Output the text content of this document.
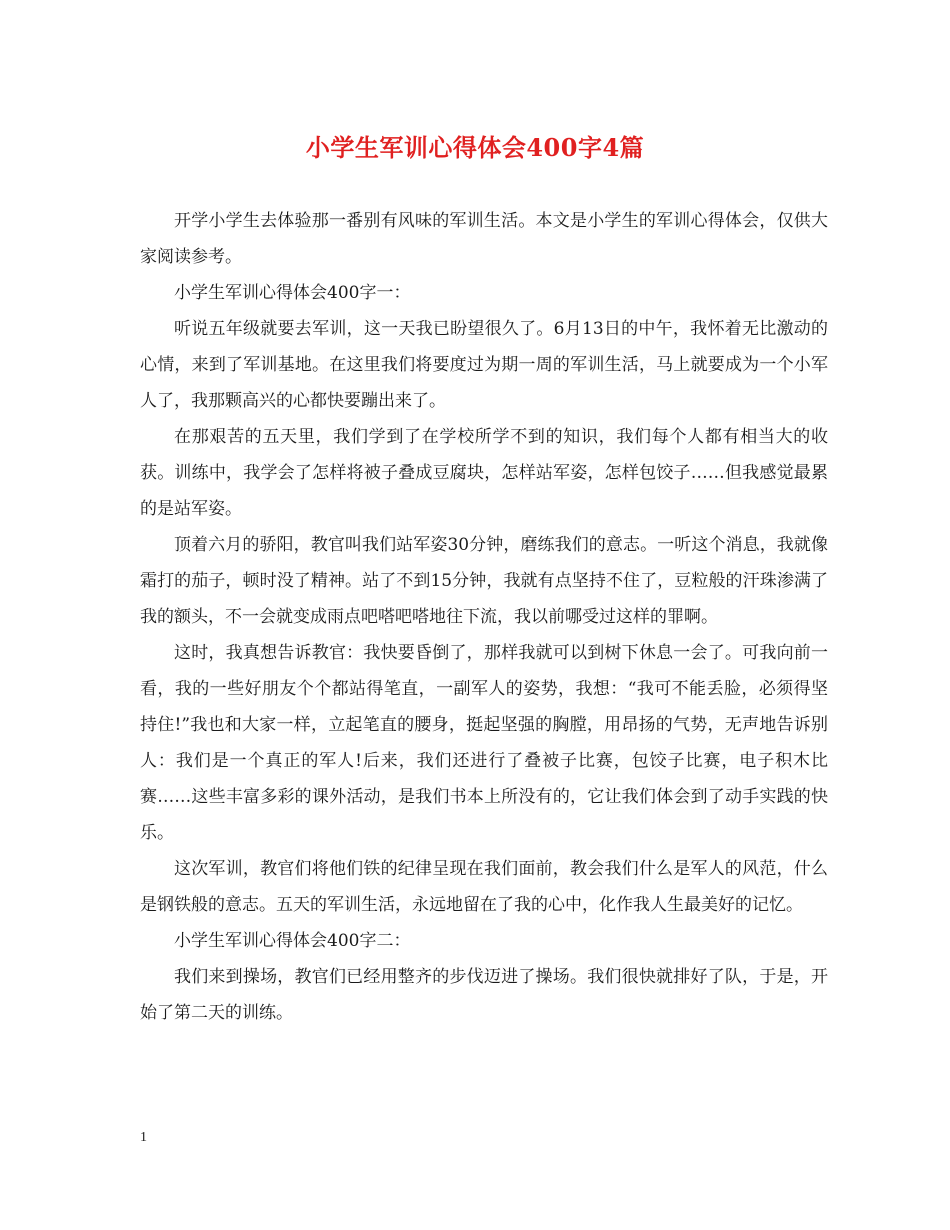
小学生军训心得体会400字4篇

开学小学生去体验那一番别有风味的军训生活。本文是小学生的军训心得体会，仅供大家阅读参考。

小学生军训心得体会400字一：

听说五年级就要去军训，这一天我已盼望很久了。6月13日的中午，我怀着无比激动的心情，来到了军训基地。在这里我们将要度过为期一周的军训生活，马上就要成为一个小军人了，我那颗高兴的心都快要蹦出来了。

在那艰苦的五天里，我们学到了在学校所学不到的知识，我们每个人都有相当大的收获。训练中，我学会了怎样将被子叠成豆腐块，怎样站军姿，怎样包饺子……但我感觉最累的是站军姿。

顶着六月的骄阳，教官叫我们站军姿30分钟，磨练我们的意志。一听这个消息，我就像霜打的茄子，顿时没了精神。站了不到15分钟，我就有点坚持不住了，豆粒般的汗珠渗满了我的额头，不一会就变成雨点吧嗒吧嗒地往下流，我以前哪受过这样的罪啊。

这时，我真想告诉教官：我快要昏倒了，那样我就可以到树下休息一会了。可我向前一看，我的一些好朋友个个都站得笔直，一副军人的姿势，我想：“我可不能丢脸，必须得坚持住!”我也和大家一样，立起笔直的腰身，挺起坚强的胸膛，用昂扬的气势，无声地告诉别人：我们是一个真正的军人!后来，我们还进行了叠被子比赛，包饺子比赛，电子积木比赛……这些丰富多彩的课外活动，是我们书本上所没有的，它让我们体会到了动手实践的快乐。

这次军训，教官们将他们铁的纪律呈现在我们面前，教会我们什么是军人的风范，什么是钢铁般的意志。五天的军训生活，永远地留在了我的心中，化作我人生最美好的记忆。

小学生军训心得体会400字二：

我们来到操场，教官们已经用整齐的步伐迈进了操场。我们很快就排好了队，于是，开始了第二天的训练。

1
